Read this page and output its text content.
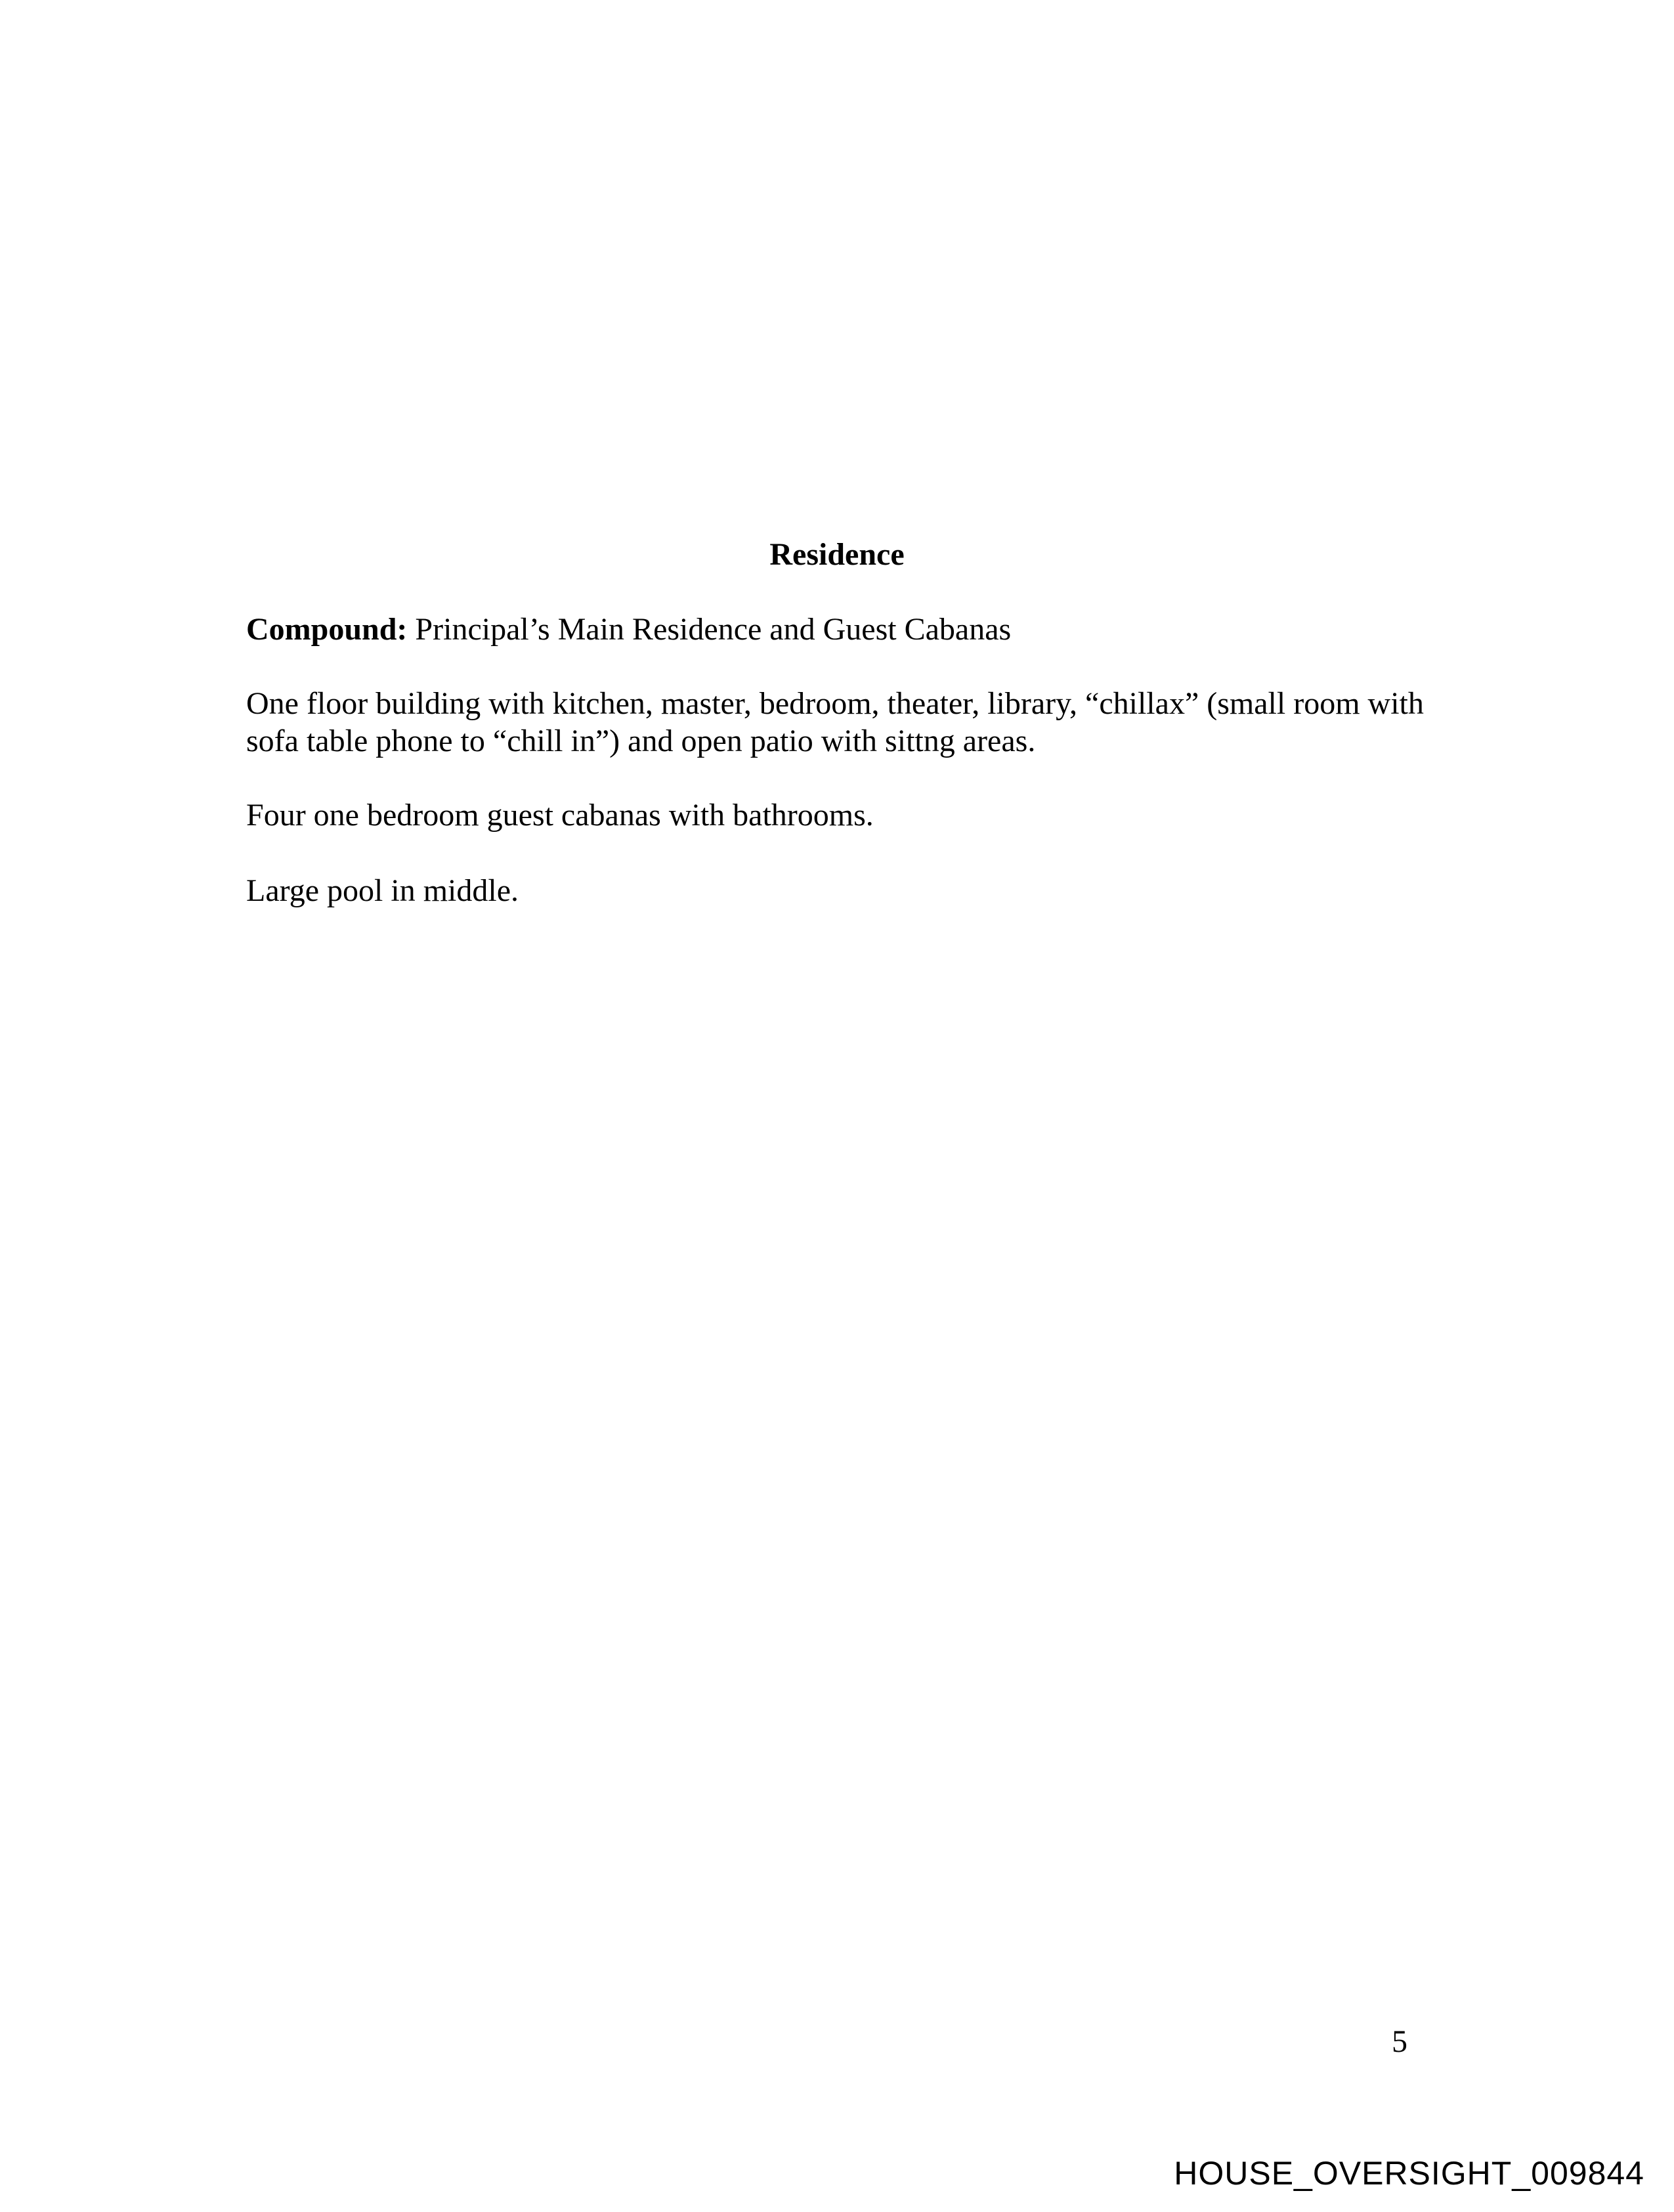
Residence

Compound: Principal’s Main Residence and Guest Cabanas

One floor building with kitchen, master, bedroom, theater, library, “chillax” (small room with sofa table phone to “chill in”) and open patio with sittng areas.

Four one bedroom guest cabanas with bathrooms.

Large pool in middle.

5
HOUSE_OVERSIGHT_009844
